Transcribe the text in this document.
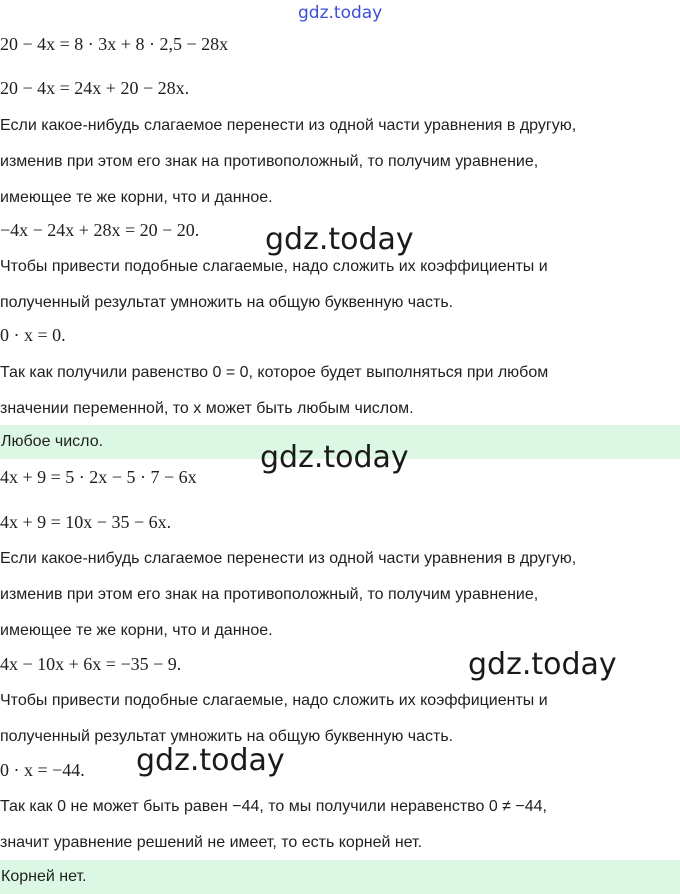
gdz.today
20 − 4x = 8 · 3x + 8 · 2,5 − 28x
20 − 4x = 24x + 20 − 28x.
Если какое-нибудь слагаемое перенести из одной части уравнения в другую,
изменив при этом его знак на противоположный, то получим уравнение,
имеющее те же корни, что и данное.
−4x − 24x + 28x = 20 − 20. gdz.today
Чтобы привести подобные слагаемые, надо сложить их коэффициенты и
полученный результат умножить на общую буквенную часть.
0 · x = 0.
Так как получили равенство 0 = 0, которое будет выполняться при любом
значении переменной, то x может быть любым числом.
Любое число.
4x + 9 = 5 · 2x − 5 · 7 − 6x
gdz.today
4x + 9 = 10x − 35 − 6x.
Если какое-нибудь слагаемое перенести из одной части уравнения в другую,
изменив при этом его знак на противоположный, то получим уравнение,
имеющее те же корни, что и данное.
4x − 10x + 6x = −35 − 9.	gdz.today
Чтобы привести подобные слагаемые, надо сложить их коэффициенты и
полученный результат умножить на общую буквенную часть.
0 · x = −44. gdz.today
Так как 0 не может быть равен −44, то мы получили неравенство 0 ≠ −44,
значит уравнение решений не имеет, то есть корней нет.
Корней нет.
